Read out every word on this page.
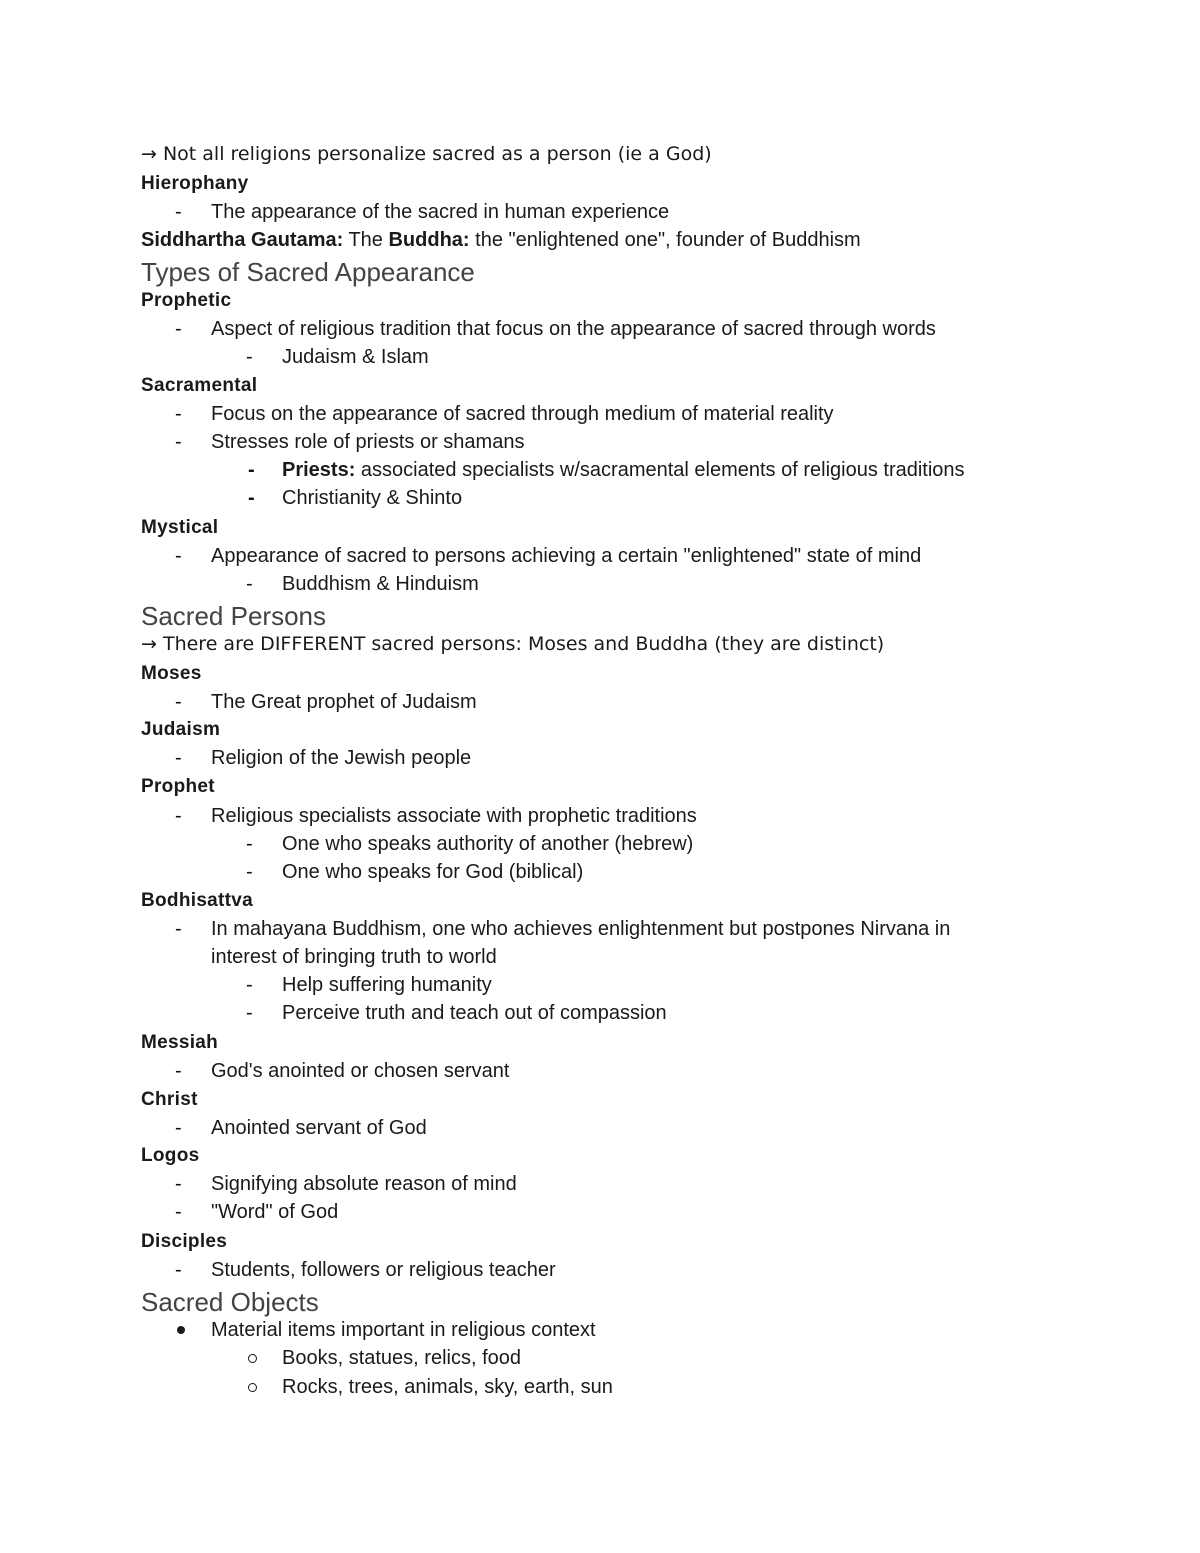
→ Not all religions personalize sacred as a person (ie a God)
Hierophany
- The appearance of the sacred in human experience
Siddhartha Gautama: The Buddha: the "enlightened one", founder of Buddhism
Types of Sacred Appearance
Prophetic
- Aspect of religious tradition that focus on the appearance of sacred through words
- Judaism & Islam
Sacramental
- Focus on the appearance of sacred through medium of material reality
- Stresses role of priests or shamans
- Priests: associated specialists w/sacramental elements of religious traditions
- Christianity & Shinto
Mystical
- Appearance of sacred to persons achieving a certain "enlightened" state of mind
- Buddhism & Hinduism
Sacred Persons
→ There are DIFFERENT sacred persons: Moses and Buddha (they are distinct)
Moses
- The Great prophet of Judaism
Judaism
- Religion of the Jewish people
Prophet
- Religious specialists associate with prophetic traditions
- One who speaks authority of another (hebrew)
- One who speaks for God (biblical)
Bodhisattva
- In mahayana Buddhism, one who achieves enlightenment but postpones Nirvana in
interest of bringing truth to world
- Help suffering humanity
- Perceive truth and teach out of compassion
Messiah
- God's anointed or chosen servant
Christ
- Anointed servant of God
Logos
- Signifying absolute reason of mind
- "Word" of God
Disciples
- Students, followers or religious teacher
Sacred Objects
Material items important in religious context
Books, statues, relics, food
Rocks, trees, animals, sky, earth, sun
